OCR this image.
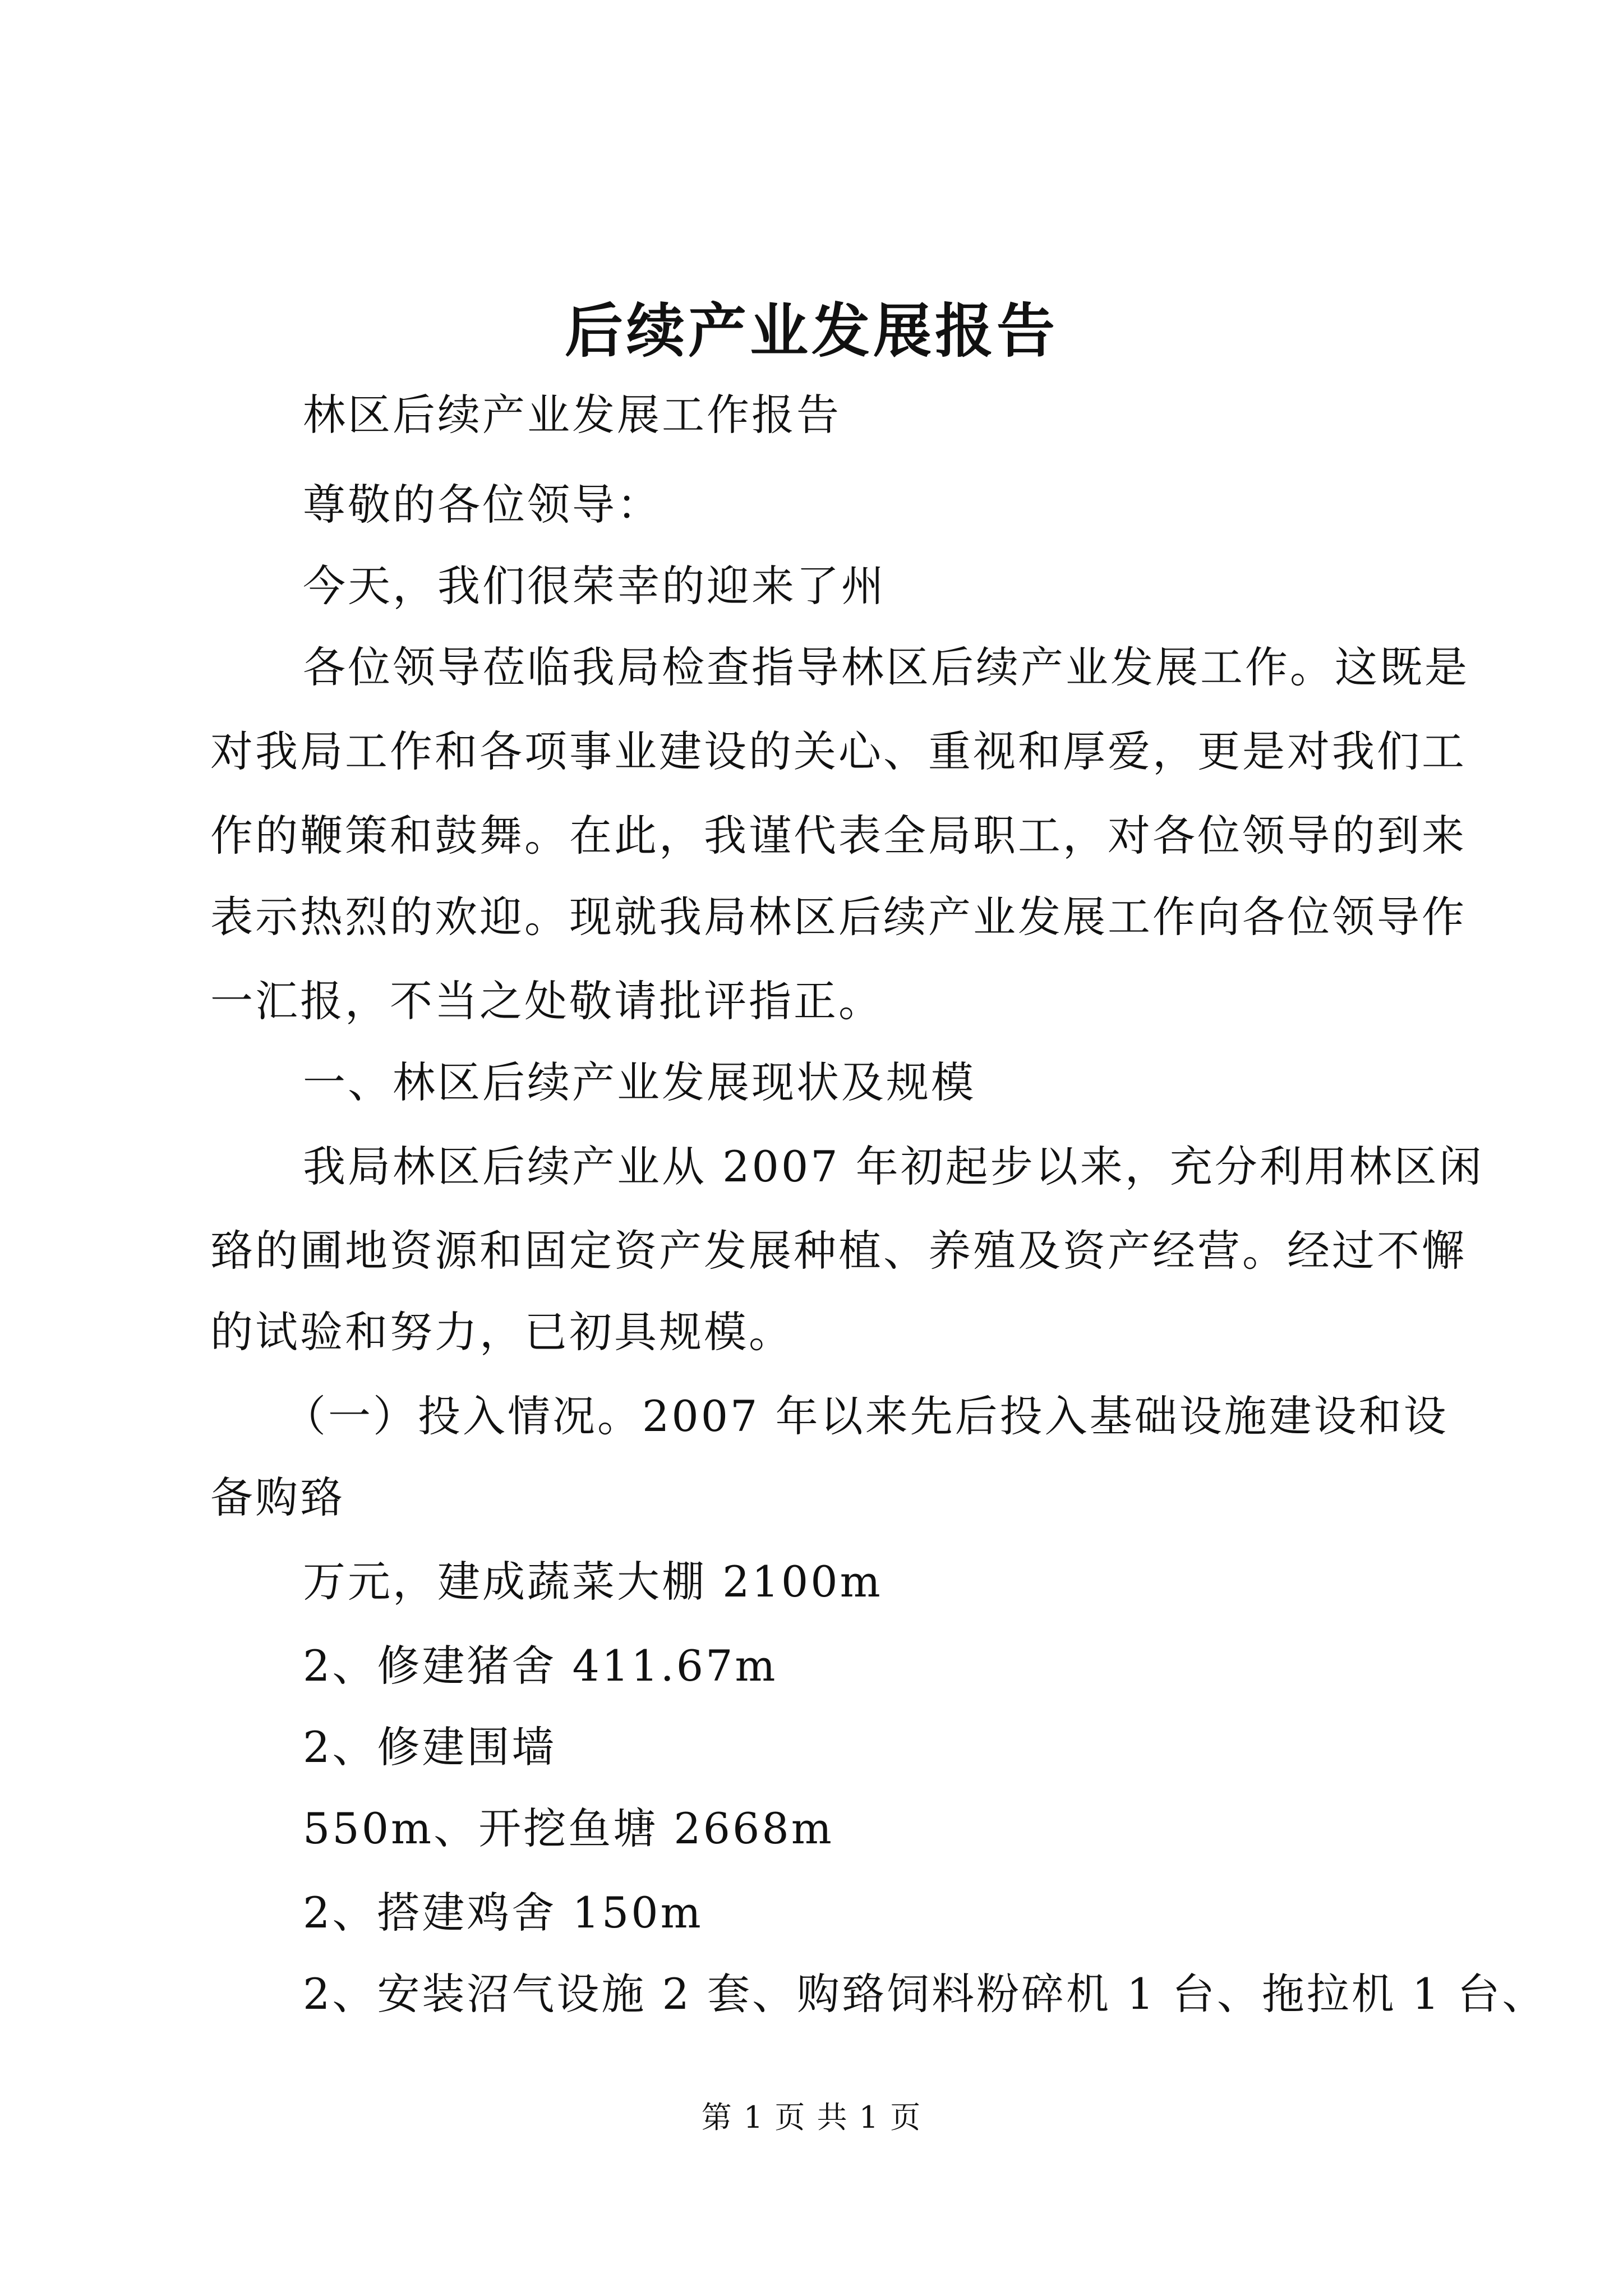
后续产业发展报告
林区后续产业发展工作报告
尊敬的各位领导：
今天，我们很荣幸的迎来了州
各位领导莅临我局检查指导林区后续产业发展工作。这既是
对我局工作和各项事业建设的关心、重视和厚爱，更是对我们工
作的鞭策和鼓舞。在此，我谨代表全局职工，对各位领导的到来
表示热烈的欢迎。现就我局林区后续产业发展工作向各位领导作
一汇报，不当之处敬请批评指正。
一、林区后续产业发展现状及规模
我局林区后续产业从 2007 年初起步以来，充分利用林区闲
臵的圃地资源和固定资产发展种植、养殖及资产经营。经过不懈
的试验和努力，已初具规模。
（一）投入情况。2007 年以来先后投入基础设施建设和设
备购臵
万元，建成蔬菜大棚 2100m
2、修建猪舍 411.67m
2、修建围墙
550m、开挖鱼塘 2668m
2、搭建鸡舍 150m
2、安装沼气设施 2 套、购臵饲料粉碎机 1 台、拖拉机 1 台、
第 1 页 共 1 页
